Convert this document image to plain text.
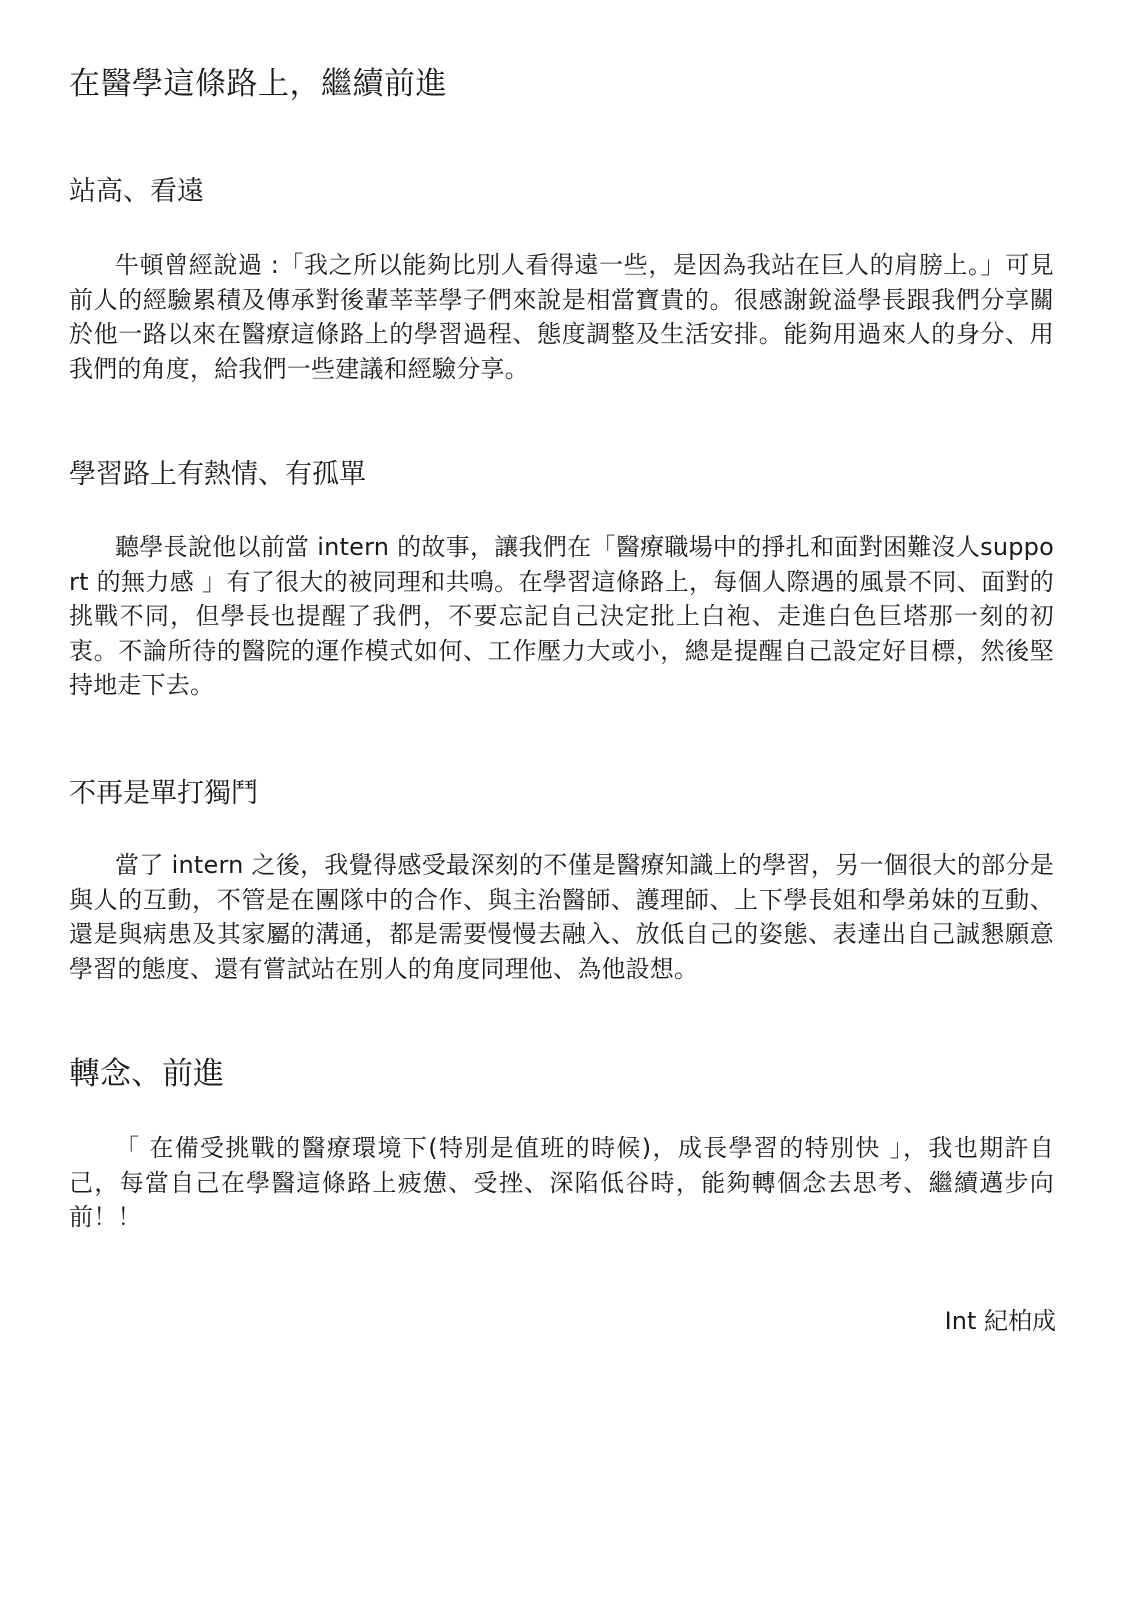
在醫學這條路上，繼續前進
站高、看遠

牛頓曾經說過 :「我之所以能夠比別人看得遠一些，是因為我站在巨人的肩膀上。」可見前人的經驗累積及傳承對後輩莘莘學子們來說是相當寶貴的。很感謝銳溢學長跟我們分享關於他一路以來在醫療這條路上的學習過程、態度調整及生活安排。能夠用過來人的身分、用我們的角度，給我們一些建議和經驗分享。

學習路上有熱情、有孤單

聽學長說他以前當 intern 的故事，讓我們在「醫療職場中的掙扎和面對困難沒人support 的無力感 」有了很大的被同理和共鳴。在學習這條路上，每個人際遇的風景不同、面對的挑戰不同，但學長也提醒了我們，不要忘記自己決定批上白袍、走進白色巨塔那一刻的初衷。不論所待的醫院的運作模式如何、工作壓力大或小，總是提醒自己設定好目標，然後堅持地走下去。

不再是單打獨鬥

當了 intern 之後，我覺得感受最深刻的不僅是醫療知識上的學習，另一個很大的部分是與人的互動，不管是在團隊中的合作、與主治醫師、護理師、上下學長姐和學弟妹的互動、還是與病患及其家屬的溝通，都是需要慢慢去融入、放低自己的姿態、表達出自己誠懇願意學習的態度、還有嘗試站在別人的角度同理他、為他設想。

轉念、前進

「 在備受挑戰的醫療環境下(特別是值班的時候)，成長學習的特別快 」，我也期許自己，每當自己在學醫這條路上疲憊、受挫、深陷低谷時，能夠轉個念去思考、繼續邁步向前！！

Int 紀柏成
